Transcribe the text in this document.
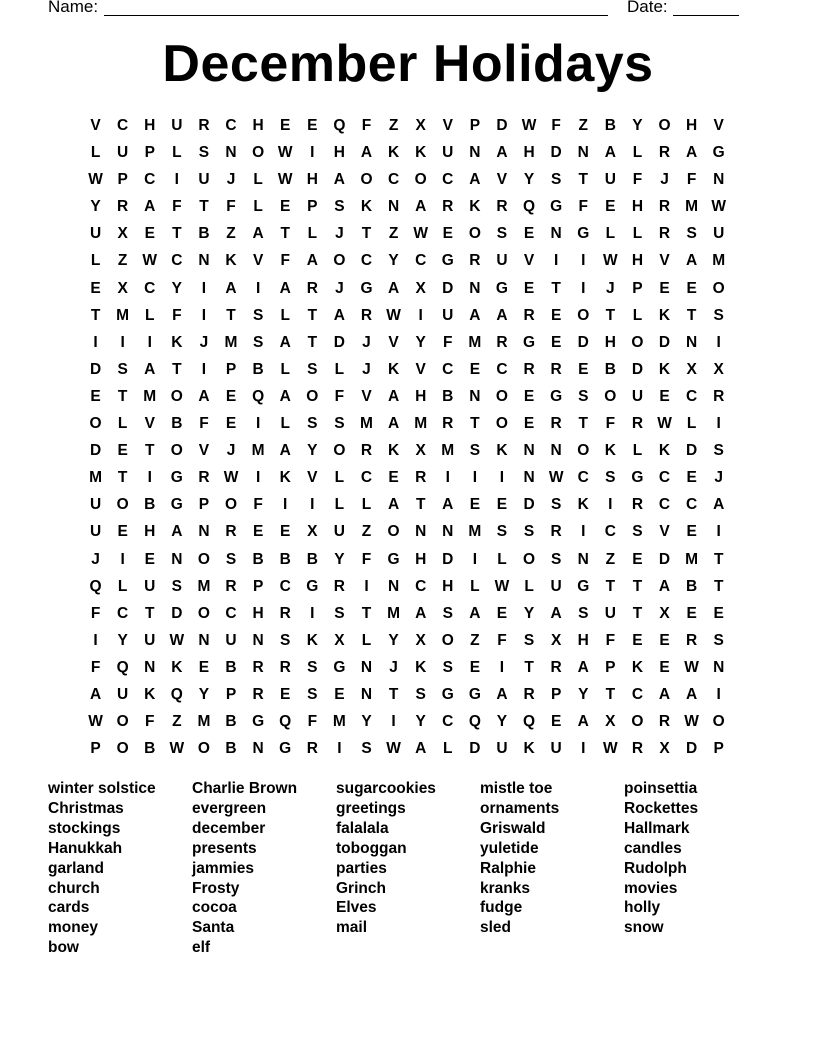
Name:	Date:
December Holidays
V	C	H	U	R	C	H	E	E	Q	F	Z	X	V	P	D W F	Z	B	Y	O H	V
L	U	P	L	S	N O W	I	H	A	K	K	U	N	A	H	D	N	A	L	R	A G
W P	C	I	U	J	L W H	A O C O C	A	V	Y	S	T	U	F	J	F	N
Y	R	A	F	T	F	L	E	P	S	K	N	A	R	K	R Q G	F	E	H	R M W
U	X	E	T	B	Z	A	T	L	J	T	Z W E	O	S	E	N G	L	L	R	S	U
L	Z W C	N	K	V	F	A O C	Y	C G R	U	V	I	I	W H	V	A M
E	X	C	Y	I	A	I	A	R	J	G A	X	D	N G	E	T	I	J	P	E	E	O
T	M	L	F	I	T	S	L	T	A	R W	I	U	A	A	R	E	O	T	L	K	T	S
I	I	I	K	J	M S	A	T	D	J	V	Y	F	M R G	E	D	H O D	N	I
D	S	A	T	I	P	B	L	S	L	J	K	V	C	E	C	R	R	E	B	D	K	X	X
E	T	M O A	E	Q A O	F	V	A	H	B	N O	E	G	S	O U	E	C	R
O	L	V	B	F	E	I	L	S	S M A M R	T	O	E	R	T	F	R W L	I
D	E	T	O	V	J	M A	Y	O R	K	X M S	K	N	N O K	L	K	D	S
M	T	I	G R W	I	K	V	L	C	E	R	I	I	I	N W C	S	G C	E	J
U O B G	P	O	F	I	I	L	L	A	T	A	E	E	D	S	K	I	R	C	C	A
U	E	H	A	N	R	E	E	X	U	Z	O N	N M S	S	R	I	C	S	V	E	I
J	I	E	N O	S	B	B	B	Y	F	G H	D	I	L	O	S	N	Z	E	D M	T
Q	L	U	S M R	P	C G R	I	N	C	H	L W L	U G	T	T	A	B	T
F	C	T	D O C	H	R	I	S	T	M A	S	A	E	Y	A	S	U	T	X	E	E
I	Y	U W N	U	N	S	K	X	L	Y	X	O	Z	F	S	X	H	F	E	E	R	S
F	Q N	K	E	B	R	R	S	G N	J	K	S	E	I	T	R	A	P	K	E W N
A	U	K Q	Y	P	R	E	S	E	N	T	S	G G A	R	P	Y	T	C	A	A	I
W O	F	Z	M B G Q	F	M Y	I	Y	C Q	Y	Q	E	A	X	O R W O
P	O B W O B	N G R	I	S W A	L	D	U	K	U	I	W R	X	D	P
winter solstice
Christmas
stockings
Hanukkah
garland
church
cards
money
bow
Charlie Brown
evergreen
december
presents
jammies
Frosty
cocoa
Santa
elf
sugarcookies
greetings
falalala
toboggan
parties
Grinch
Elves
mail
mistle toe
ornaments
Griswald
yuletide
Ralphie
kranks
fudge
sled
poinsettia
Rockettes
Hallmark
candles
Rudolph
movies
holly
snow
